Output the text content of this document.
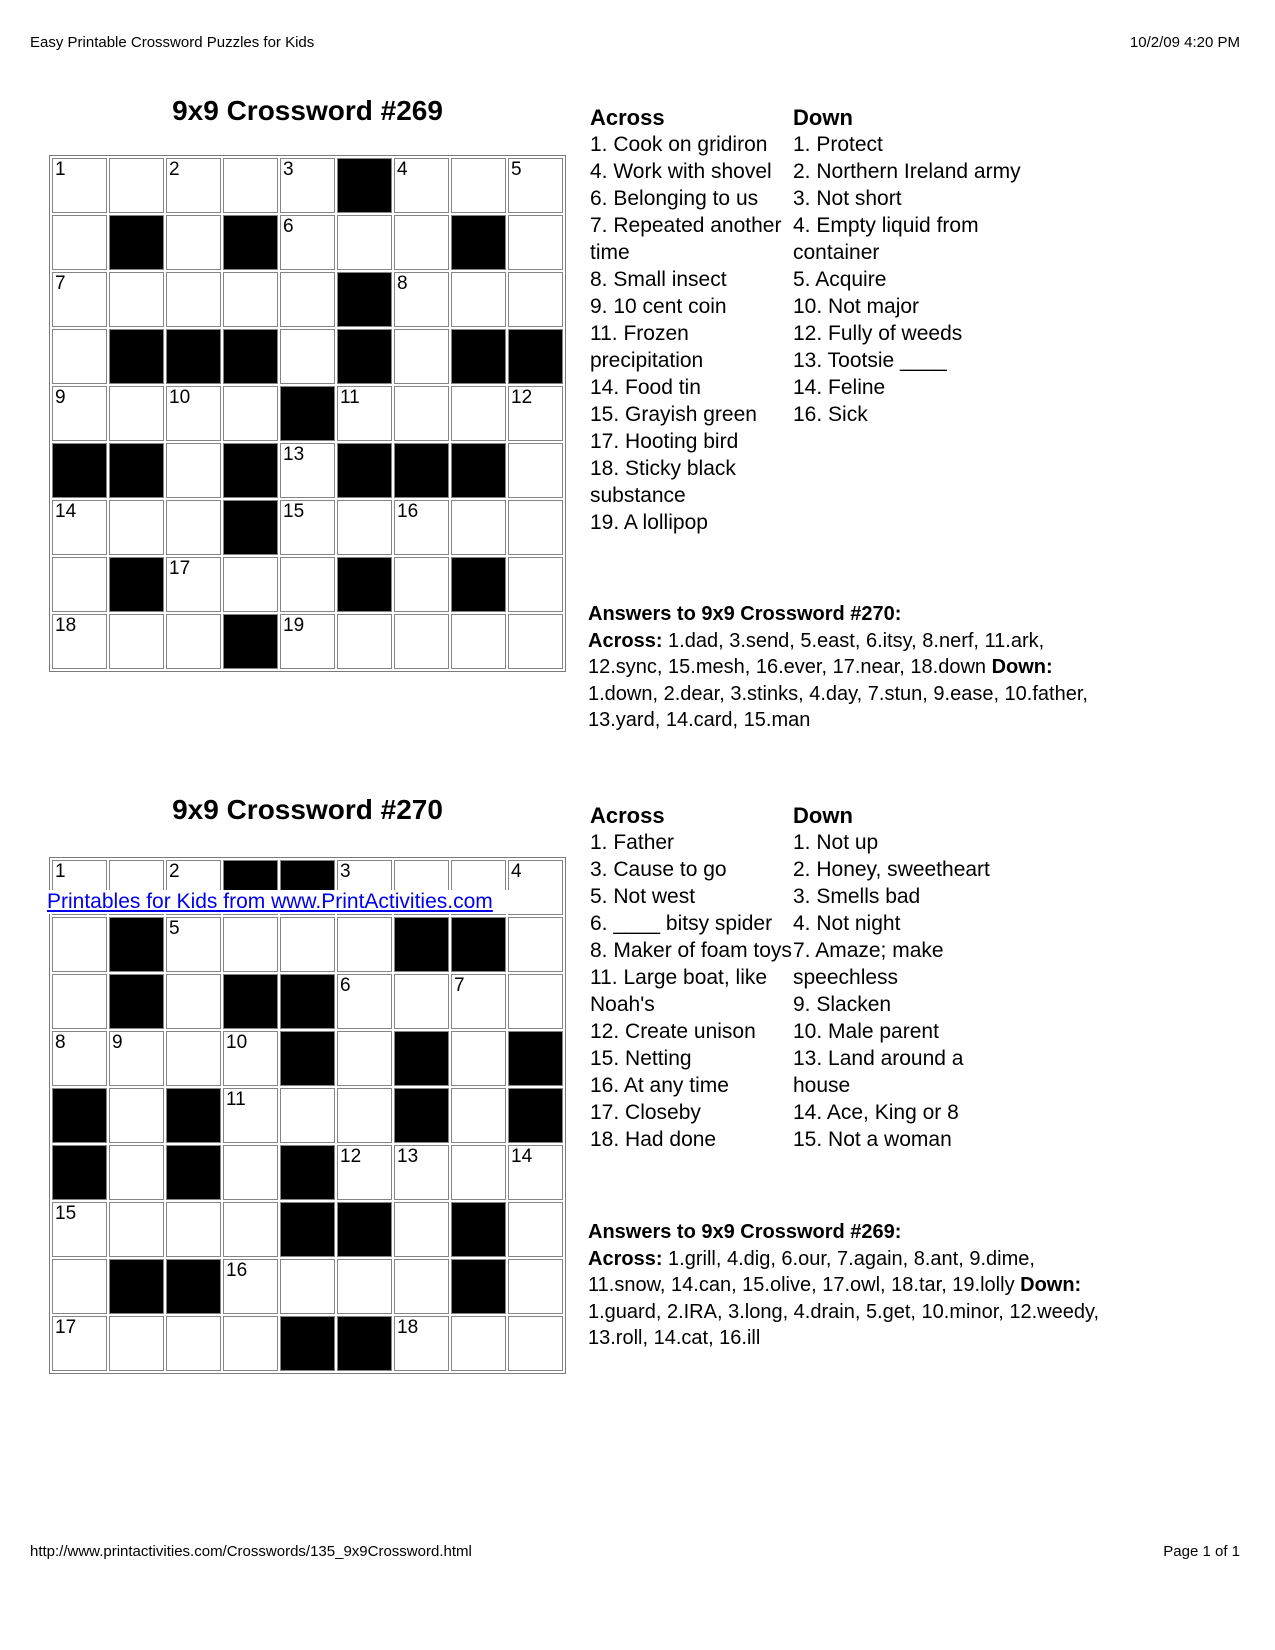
Easy Printable Crossword Puzzles for Kids	10/2/09 4:20 PM
9x9 Crossword #269
1	2	3	4	5
6
7	8
9	10	11	12
13
14	15	16
17
18	19
Across
1. Cook on gridiron
4. Work with shovel
6. Belonging to us
7. Repeated another
time
8. Small insect
9. 10 cent coin
11. Frozen
precipitation
14. Food tin
15. Grayish green
17. Hooting bird
18. Sticky black
substance
19. A lollipop
Down
1. Protect
2. Northern Ireland army
3. Not short
4. Empty liquid from
container
5. Acquire
10. Not major
12. Fully of weeds
13. Tootsie ____
14. Feline
16. Sick
Answers to 9x9 Crossword #270:
Across: 1.dad, 3.send, 5.east, 6.itsy, 8.nerf, 11.ark,
12.sync, 15.mesh, 16.ever, 17.near, 18.down Down:
1.down, 2.dear, 3.stinks, 4.day, 7.stun, 9.ease, 10.father,
13.yard, 14.card, 15.man
9x9 Crossword #270
1	2	3	4
5
6	7
8 9	10
11
12 13	14
15
16
17	18
Printables for Kids from www.PrintActivities.com
Across
1. Father
3. Cause to go
5. Not west
6. ____ bitsy spider
8. Maker of foam toys
11. Large boat, like
Noah's
12. Create unison
15. Netting
16. At any time
17. Closeby
18. Had done
Down
1. Not up
2. Honey, sweetheart
3. Smells bad
4. Not night
7. Amaze; make
speechless
9. Slacken
10. Male parent
13. Land around a
house
14. Ace, King or 8
15. Not a woman
Answers to 9x9 Crossword #269:
Across: 1.grill, 4.dig, 6.our, 7.again, 8.ant, 9.dime,
11.snow, 14.can, 15.olive, 17.owl, 18.tar, 19.lolly Down:
1.guard, 2.IRA, 3.long, 4.drain, 5.get, 10.minor, 12.weedy,
13.roll, 14.cat, 16.ill
http://www.printactivities.com/Crosswords/135_9x9Crossword.html	Page 1 of 1
